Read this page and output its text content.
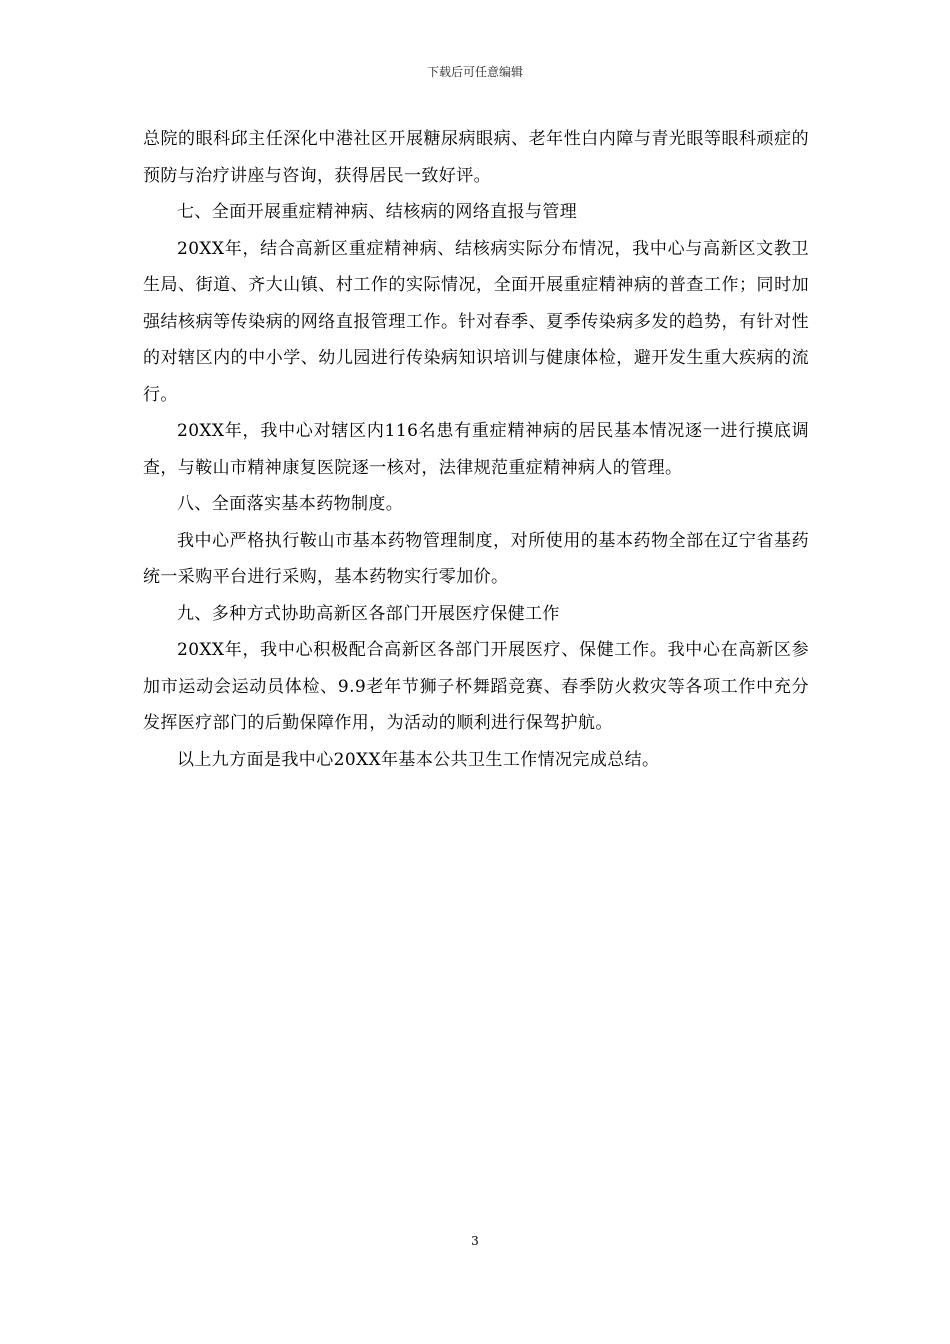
下载后可任意编辑

总院的眼科邱主任深化中港社区开展糖尿病眼病、老年性白内障与青光眼等眼科顽症的预防与治疗讲座与咨询，获得居民一致好评。

七、全面开展重症精神病、结核病的网络直报与管理

20XX年，结合高新区重症精神病、结核病实际分布情况，我中心与高新区文教卫生局、街道、齐大山镇、村工作的实际情况，全面开展重症精神病的普查工作；同时加强结核病等传染病的网络直报管理工作。针对春季、夏季传染病多发的趋势，有针对性的对辖区内的中小学、幼儿园进行传染病知识培训与健康体检，避开发生重大疾病的流行。

20XX年，我中心对辖区内116名患有重症精神病的居民基本情况逐一进行摸底调查，与鞍山市精神康复医院逐一核对，法律规范重症精神病人的管理。

八、全面落实基本药物制度。

我中心严格执行鞍山市基本药物管理制度，对所使用的基本药物全部在辽宁省基药统一采购平台进行采购，基本药物实行零加价。

九、多种方式协助高新区各部门开展医疗保健工作

20XX年，我中心积极配合高新区各部门开展医疗、保健工作。我中心在高新区参加市运动会运动员体检、9.9老年节狮子杯舞蹈竞赛、春季防火救灾等各项工作中充分发挥医疗部门的后勤保障作用，为活动的顺利进行保驾护航。

以上九方面是我中心20XX年基本公共卫生工作情况完成总结。

3
